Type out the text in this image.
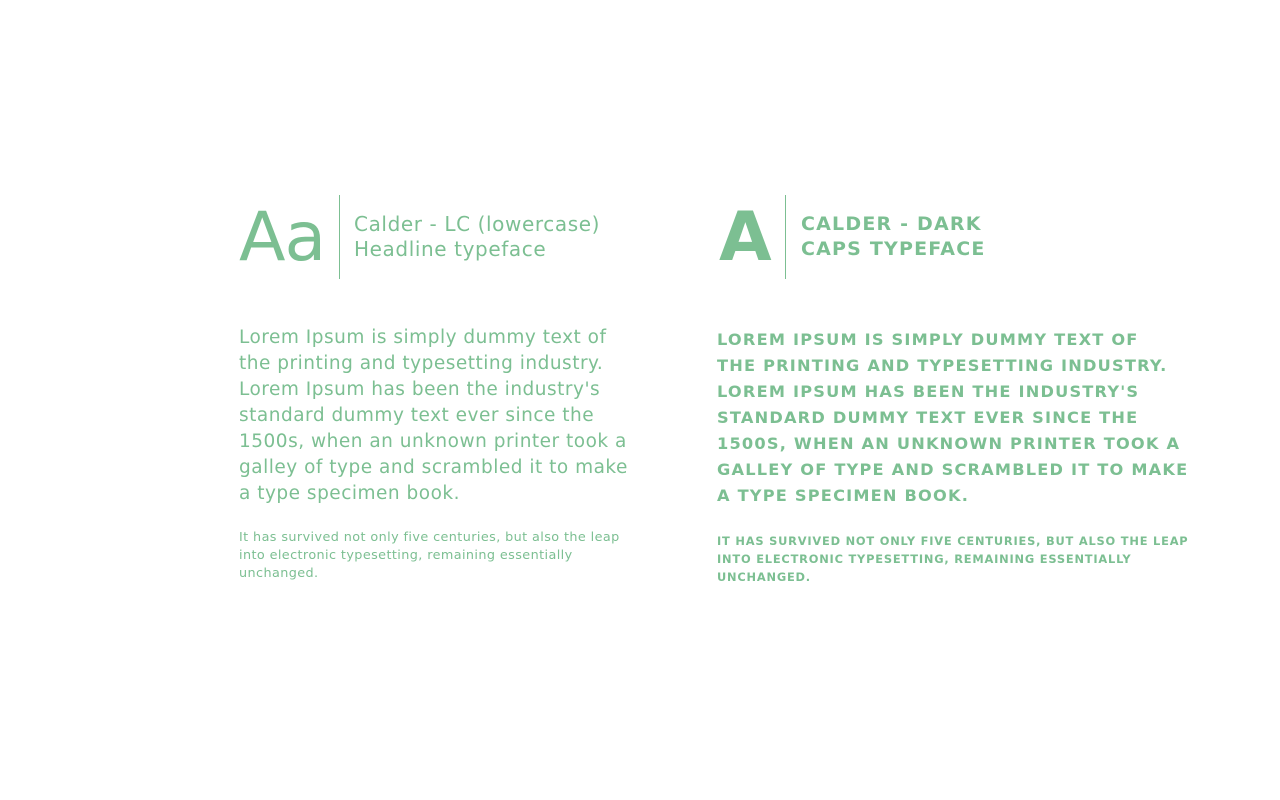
Aa	Calder - LC (lowercase)
Headline typeface
Lorem Ipsum is simply dummy text of
the printing and typesetting industry.
Lorem Ipsum has been the industry's
standard dummy text ever since the
1500s, when an unknown printer took a
galley of type and scrambled it to make
a type specimen book.
It has survived not only five centuries, but also the leap
into electronic typesetting, remaining essentially
unchanged.
A	CALDER - DARK
CAPS TYPEFACE
LOREM IPSUM IS SIMPLY DUMMY TEXT OF
THE PRINTING AND TYPESETTING INDUSTRY.
LOREM IPSUM HAS BEEN THE INDUSTRY'S
STANDARD DUMMY TEXT EVER SINCE THE
1500S, WHEN AN UNKNOWN PRINTER TOOK A
GALLEY OF TYPE AND SCRAMBLED IT TO MAKE
A TYPE SPECIMEN BOOK.
IT HAS SURVIVED NOT ONLY FIVE CENTURIES, BUT ALSO THE LEAP
INTO ELECTRONIC TYPESETTING, REMAINING ESSENTIALLY
UNCHANGED.
